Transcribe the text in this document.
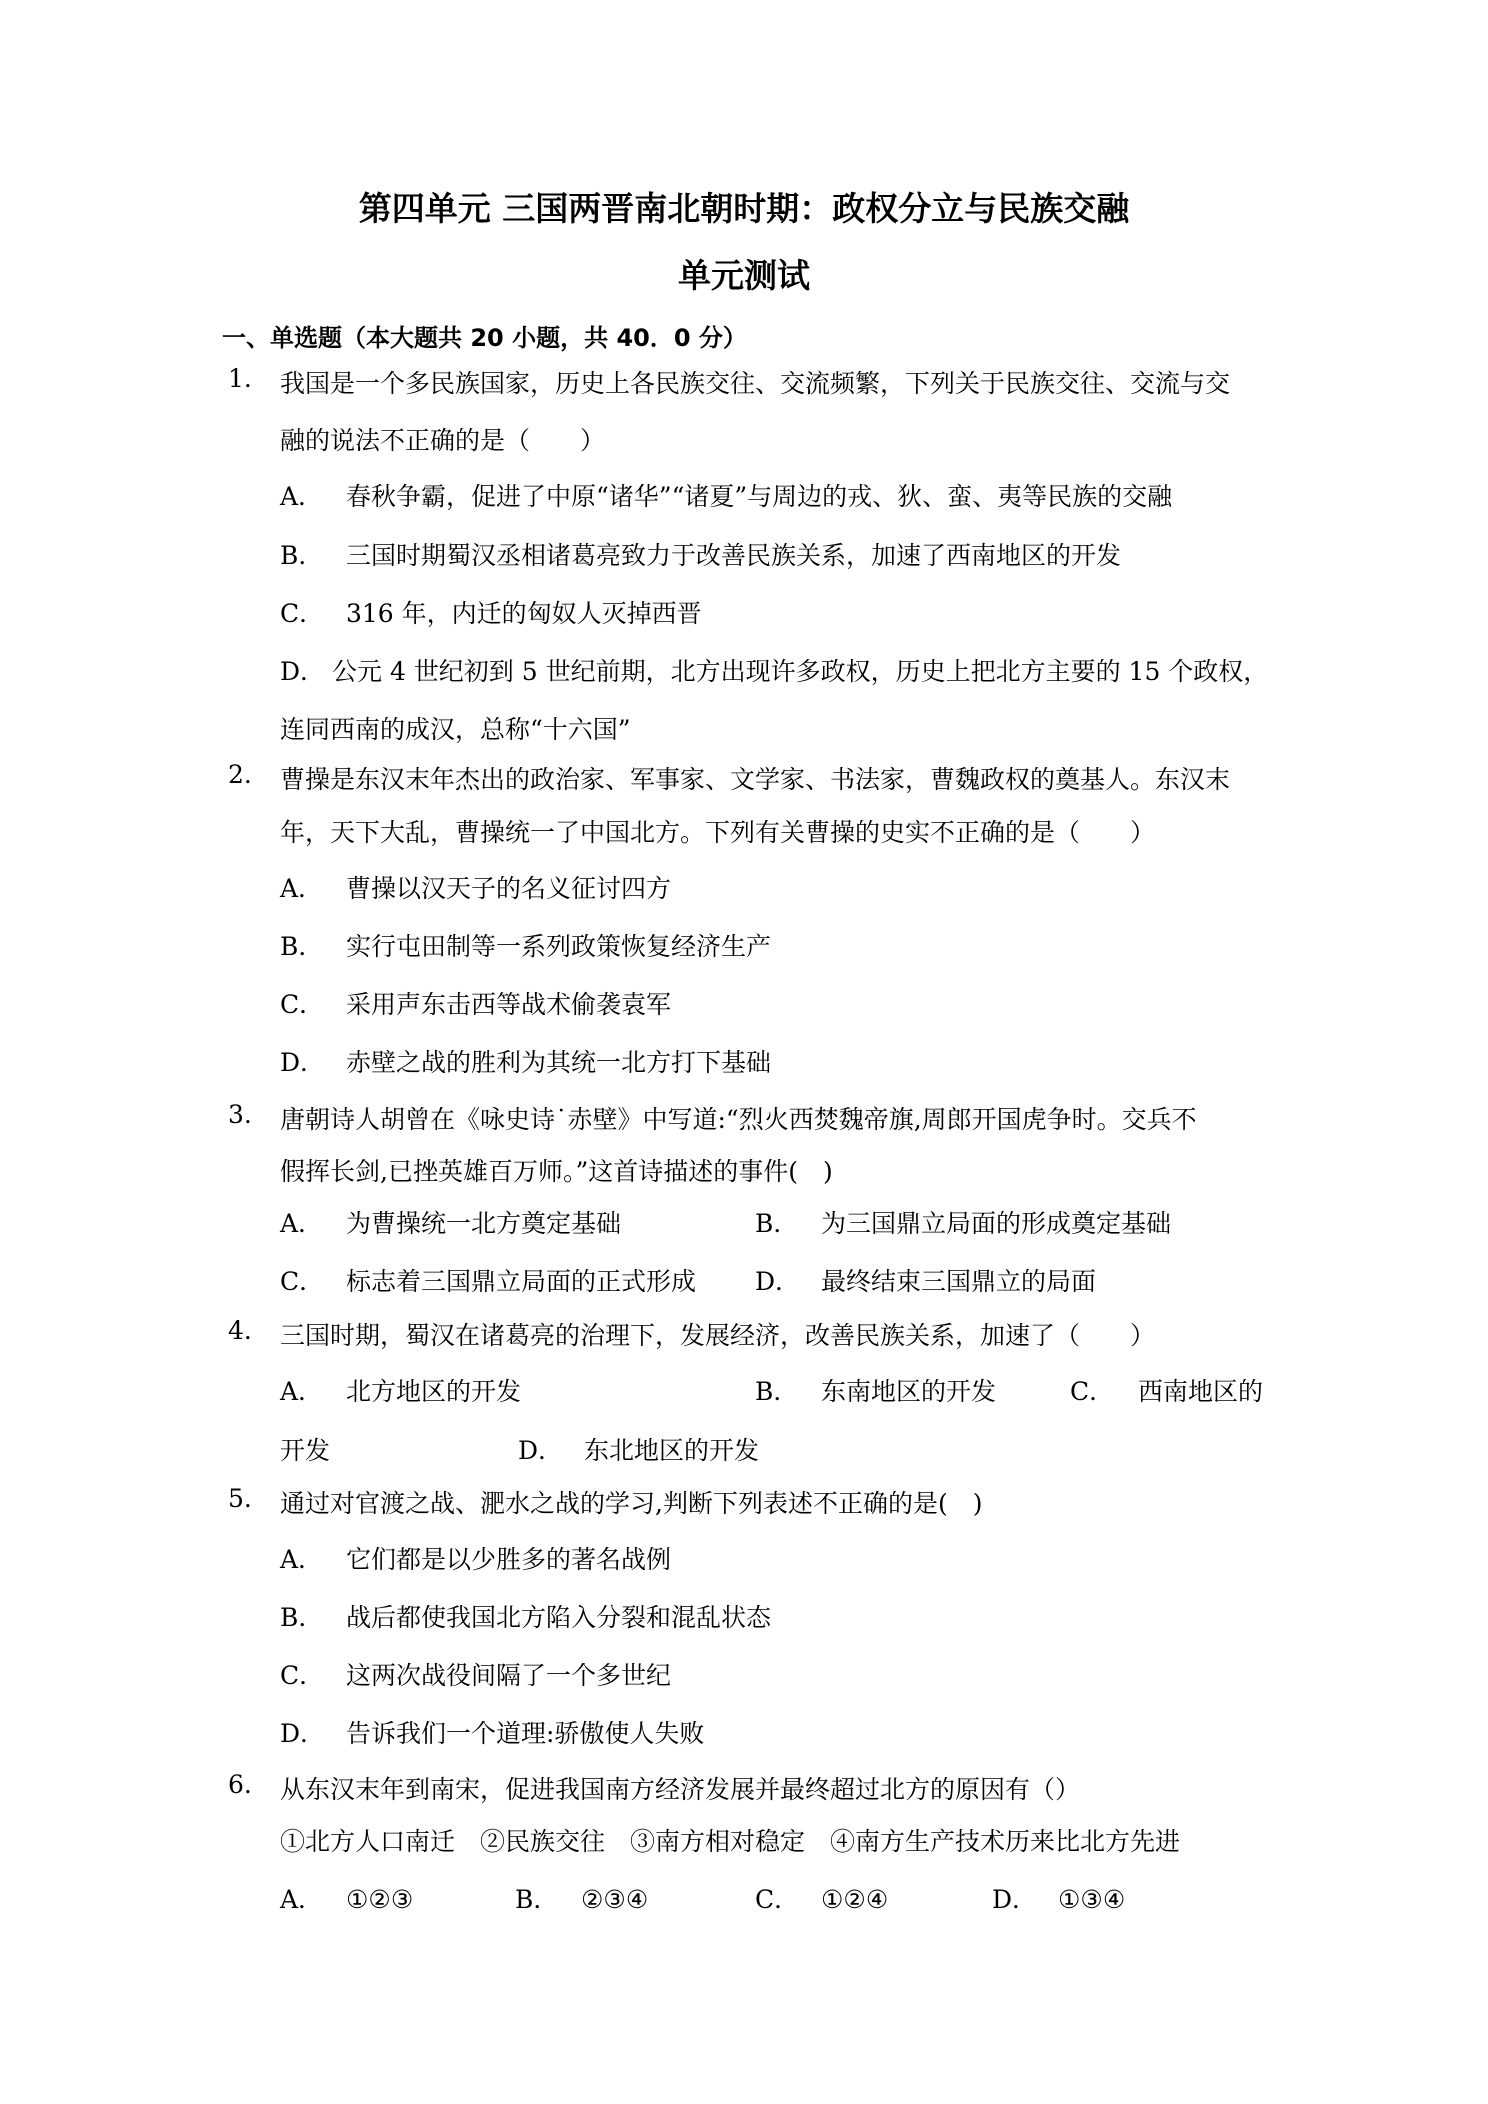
第四单元 三国两晋南北朝时期：政权分立与民族交融
单元测试
一、单选题（本大题共 20 小题，共 40．0 分）
1. 我国是一个多民族国家，历史上各民族交往、交流频繁，下列关于民族交往、交流与交
融的说法不正确的是（　　）
A． 春秋争霸，促进了中原“诸华”“诸夏”与周边的戎、狄、蛮、夷等民族的交融
B． 三国时期蜀汉丞相诸葛亮致力于改善民族关系，加速了西南地区的开发
C． 316 年，内迁的匈奴人灭掉西晋
D． 公元 4 世纪初到 5 世纪前期，北方出现许多政权，历史上把北方主要的 15 个政权，
连同西南的成汉，总称“十六国”
2. 曹操是东汉末年杰出的政治家、军事家、文学家、书法家，曹魏政权的奠基人。东汉末
年，天下大乱，曹操统一了中国北方。下列有关曹操的史实不正确的是（　　）
A． 曹操以汉天子的名义征讨四方
B． 实行屯田制等一系列政策恢复经济生产
C． 采用声东击西等战术偷袭袁军
D． 赤壁之战的胜利为其统一北方打下基础
3. 唐朝诗人胡曾在《咏史诗˙赤壁》中写道:“烈火西焚魏帝旗,周郎开国虎争时。交兵不
假挥长剑,已挫英雄百万师。”这首诗描述的事件(　)
A． 为曹操统一北方奠定基础	B． 为三国鼎立局面的形成奠定基础
C． 标志着三国鼎立局面的正式形成 D． 最终结束三国鼎立的局面
4. 三国时期，蜀汉在诸葛亮的治理下，发展经济，改善民族关系，加速了（　　）
A． 北方地区的开发	B． 东南地区的开发	C． 西南地区的
开发	D． 东北地区的开发
5. 通过对官渡之战、淝水之战的学习,判断下列表述不正确的是(　)
A． 它们都是以少胜多的著名战例
B． 战后都使我国北方陷入分裂和混乱状态
C． 这两次战役间隔了一个多世纪
D． 告诉我们一个道理:骄傲使人失败
6. 从东汉末年到南宋，促进我国南方经济发展并最终超过北方的原因有（）
①北方人口南迁　②民族交往　③南方相对稳定　④南方生产技术历来比北方先进
A． ①②③	B． ②③④	C． ①②④	D． ①③④
